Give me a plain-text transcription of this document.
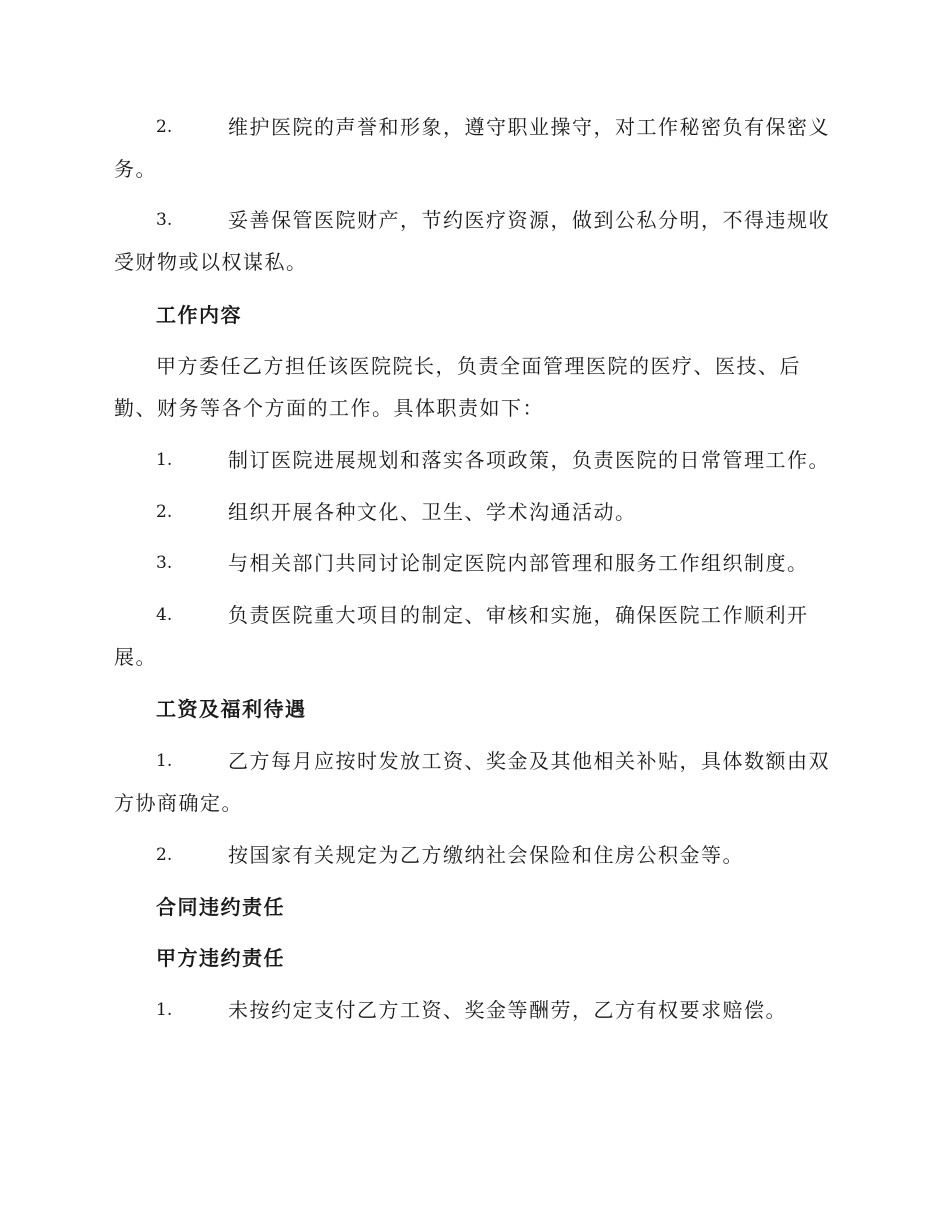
2.	维护医院的声誉和形象，遵守职业操守，对工作秘密负有保密义务。
3.	妥善保管医院财产，节约医疗资源，做到公私分明，不得违规收受财物或以权谋私。
工作内容
甲方委任乙方担任该医院院长，负责全面管理医院的医疗、医技、后勤、财务等各个方面的工作。具体职责如下：
1.	制订医院进展规划和落实各项政策，负责医院的日常管理工作。
2.	组织开展各种文化、卫生、学术沟通活动。
3.	与相关部门共同讨论制定医院内部管理和服务工作组织制度。
4.	负责医院重大项目的制定、审核和实施，确保医院工作顺利开展。
工资及福利待遇
1.	乙方每月应按时发放工资、奖金及其他相关补贴，具体数额由双方协商确定。
2.	按国家有关规定为乙方缴纳社会保险和住房公积金等。
合同违约责任
甲方违约责任
1.	未按约定支付乙方工资、奖金等酬劳，乙方有权要求赔偿。
